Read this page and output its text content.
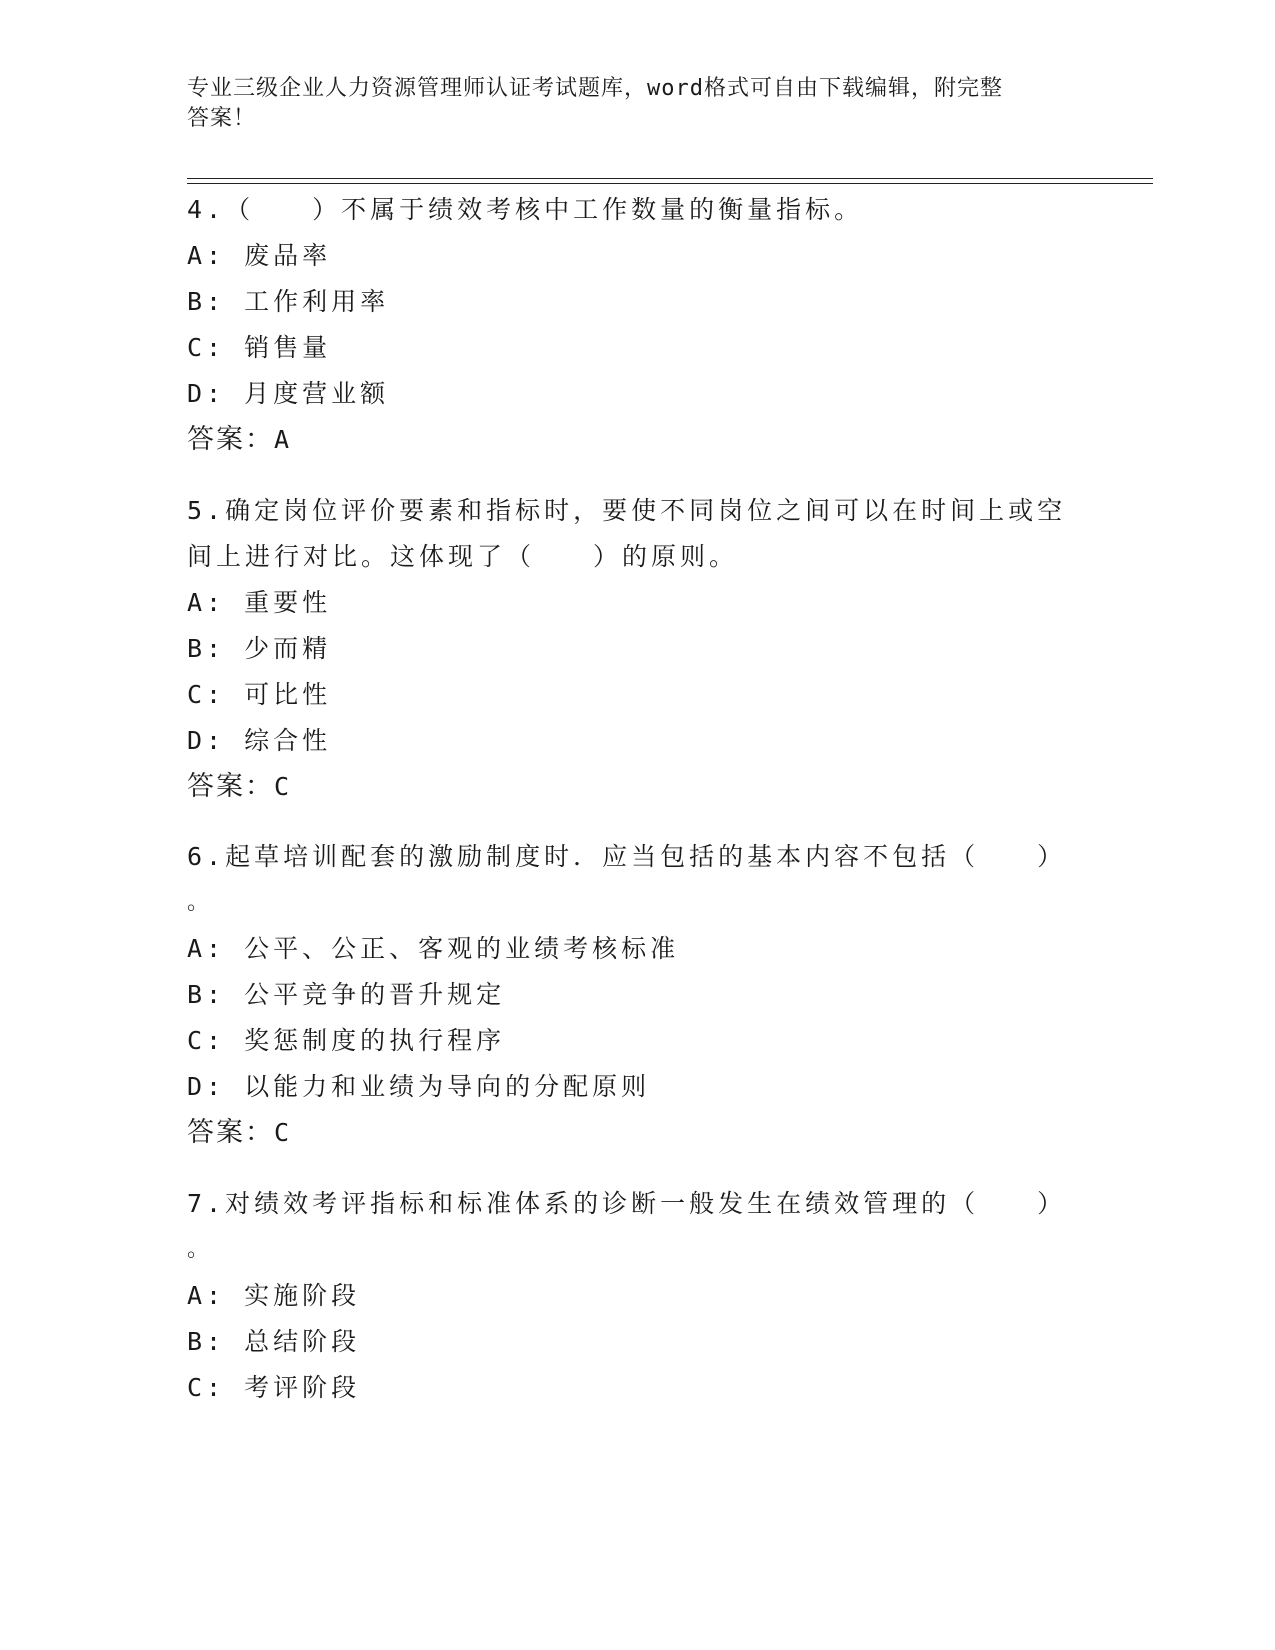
专业三级企业人力资源管理师认证考试题库，word格式可自由下载编辑，附完整
答案！
4.（　　）不属于绩效考核中工作数量的衡量指标。
A: 废品率
B: 工作利用率
C: 销售量
D: 月度营业额
答案：A
5.确定岗位评价要素和指标时，要使不同岗位之间可以在时间上或空
间上进行对比。这体现了（　　）的原则。
A: 重要性
B: 少而精
C: 可比性
D: 综合性
答案：C
6.起草培训配套的激励制度时．应当包括的基本内容不包括（　　）
。
A: 公平、公正、客观的业绩考核标准
B: 公平竞争的晋升规定
C: 奖惩制度的执行程序
D: 以能力和业绩为导向的分配原则
答案：C
7.对绩效考评指标和标准体系的诊断一般发生在绩效管理的（　　）
。
A: 实施阶段
B: 总结阶段
C: 考评阶段
